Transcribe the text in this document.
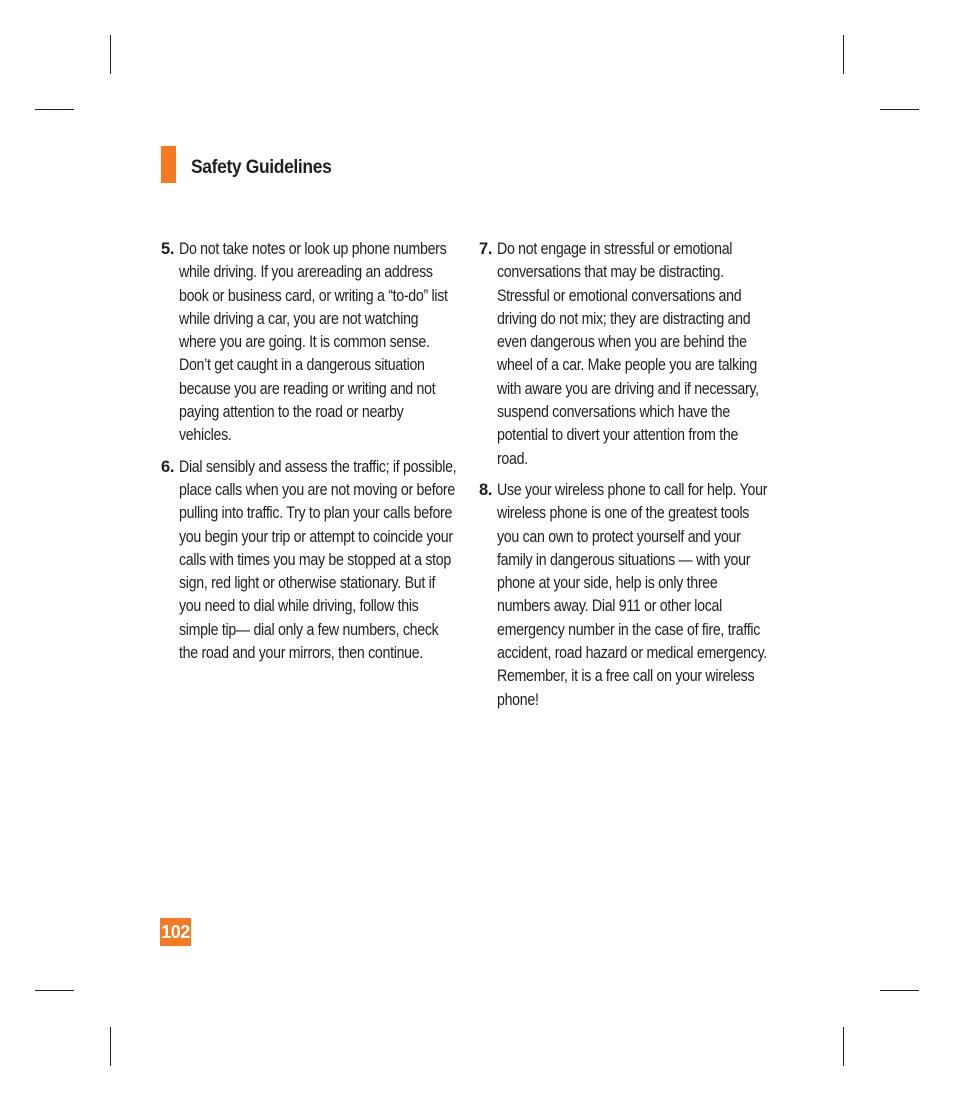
Safety Guidelines
5. Do not take notes or look up phone numbers while driving. If you arereading an address book or business card, or writing a “to-do” list while driving a car, you are not watching where you are going. It is common sense. Don’t get caught in a dangerous situation because you are reading or writing and not paying attention to the road or nearby vehicles.
6. Dial sensibly and assess the traffic; if possible, place calls when you are not moving or before pulling into traffic. Try to plan your calls before you begin your trip or attempt to coincide your calls with times you may be stopped at a stop sign, red light or otherwise stationary. But if you need to dial while driving, follow this simple tip— dial only a few numbers, check the road and your mirrors, then continue.
7. Do not engage in stressful or emotional conversations that may be distracting. Stressful or emotional conversations and driving do not mix; they are distracting and even dangerous when you are behind the wheel of a car. Make people you are talking with aware you are driving and if necessary, suspend conversations which have the potential to divert your attention from the road.
8. Use your wireless phone to call for help. Your wireless phone is one of the greatest tools you can own to protect yourself and your family in dangerous situations — with your phone at your side, help is only three numbers away. Dial 911 or other local emergency number in the case of fire, traffic accident, road hazard or medical emergency. Remember, it is a free call on your wireless phone!
102
